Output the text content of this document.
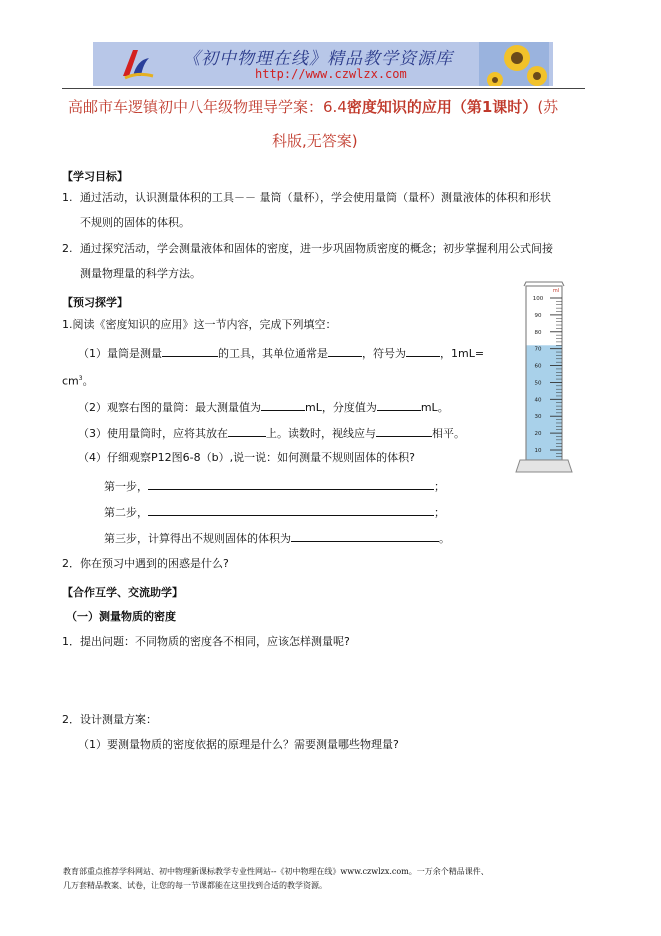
《初中物理在线》精品教学资源库
http://www.czwlzx.com
高邮市车逻镇初中八年级物理导学案：6.4密度知识的应用（第1课时）(苏
科版,无答案)
【学习目标】
1. 通过活动，认识测量体积的工具－－ 量筒（量杯），学会使用量筒（量杯）测量液体的体积和形状
不规则的固体的体积。
2. 通过探究活动，学会测量液体和固体的密度，进一步巩固物质密度的概念；初步掌握利用公式间接
测量物理量的科学方法。
【预习探学】
1.阅读《密度知识的应用》这一节内容，完成下列填空：
（1）量筒是测量	的工具，其单位通常是	，符号为	，1mL=
$cm^3$。
（2）观察右图的量筒：最大测量值为	mL，分度值为	mL。
（3）使用量筒时，应将其放在	上。读数时，视线应与	相平。
（4）仔细观察P12图6-8（b）,说一说：如何测量不规则固体的体积?
第一步，	；
第二步，	；
第三步，计算得出不规则固体的体积为	。
2．你在预习中遇到的困惑是什么?
ml
100
90
80
70
60
50
40
30
20
10
【合作互学、交流助学】
（一）测量物质的密度
1．提出问题：不同物质的密度各不相同，应该怎样测量呢?
2．设计测量方案：
（1）要测量物质的密度依据的原理是什么？需要测量哪些物理量?
教育部重点推荐学科网站、初中物理新课标教学专业性网站--《初中物理在线》www.czwlzx.com。一万余个精品课件、
几万套精品教案、试卷，让您的每一节课都能在这里找到合适的教学资源。
